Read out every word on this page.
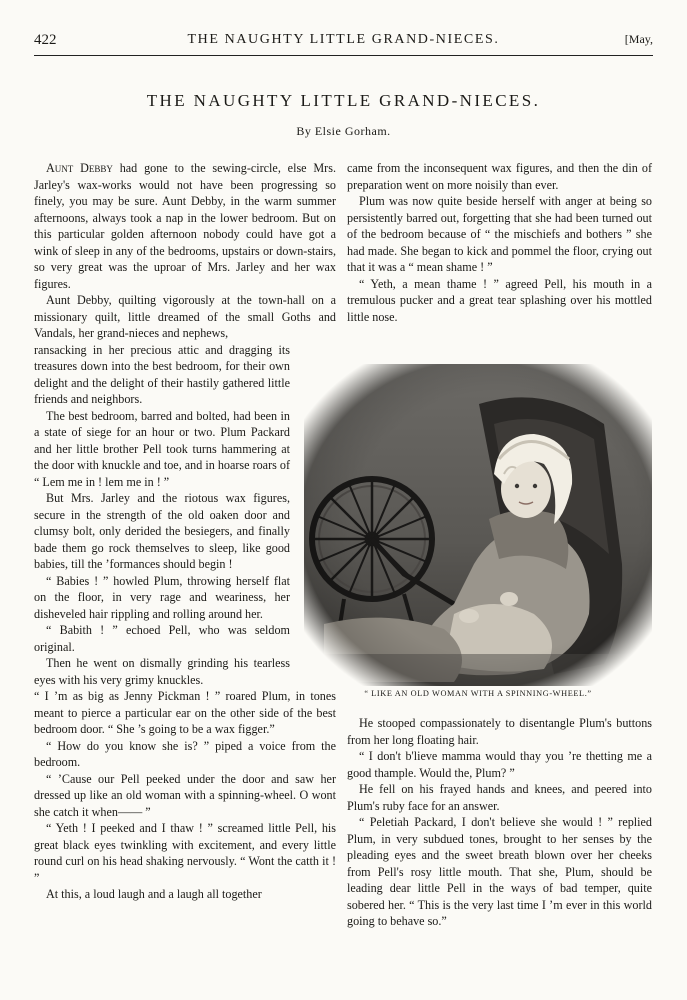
422	THE NAUGHTY LITTLE GRAND-NIECES.	[May,
THE NAUGHTY LITTLE GRAND-NIECES.
By Elsie Gorham.

Aunt Debby had gone to the sewing-circle, else Mrs. Jarley's wax-works would not have been progressing so finely, you may be sure. Aunt Debby, in the warm summer afternoons, always took a nap in the lower bedroom. But on this particular golden afternoon nobody could have got a wink of sleep in any of the bedrooms, upstairs or down-stairs, so very great was the uproar of Mrs. Jarley and her wax figures.

Aunt Debby, quilting vigorously at the town-hall on a missionary quilt, little dreamed of the small Goths and Vandals, her grand-nieces and nephews,

ransacking in her precious attic and dragging its treasures down into the best bedroom, for their own delight and the delight of their hastily gathered little friends and neighbors.

The best bedroom, barred and bolted, had been in a state of siege for an hour or two. Plum Packard and her little brother Pell took turns hammering at the door with knuckle and toe, and in hoarse roars of “ Lem me in ! lem me in ! ”

But Mrs. Jarley and the riotous wax figures, secure in the strength of the old oaken door and clumsy bolt, only derided the besiegers, and finally bade them go rock themselves to sleep, like good babies, till the ’formances should begin !

“ Babies ! ” howled Plum, throwing herself flat on the floor, in very rage and weariness, her disheveled hair rippling and rolling around her.

“ Babith ! ” echoed Pell, who was seldom original.

Then he went on dismally grinding his tearless eyes with his very grimy knuckles.

“ I ’m as big as Jenny Pickman ! ” roared Plum, in tones meant to pierce a particular ear on the other side of the best bedroom door. “ She ’s going to be a wax figger.”

“ How do you know she is? ” piped a voice from the bedroom.

“ ’Cause our Pell peeked under the door and saw her dressed up like an old woman with a spinning-wheel. O wont she catch it when—— ”

“ Yeth ! I peeked and I thaw ! ” screamed little Pell, his great black eyes twinkling with excitement, and every little round curl on his head shaking nervously. “ Wont the catth it ! ”

At this, a loud laugh and a laugh all together

came from the inconsequent wax figures, and then the din of preparation went on more noisily than ever.

Plum was now quite beside herself with anger at being so persistently barred out, forgetting that she had been turned out of the bedroom because of “ the mischiefs and bothers ” she had made. She began to kick and pommel the floor, crying out that it was a “ mean shame ! ”

“ Yeth, a mean thame ! ” agreed Pell, his mouth in a tremulous pucker and a great tear splashing over his mottled little nose.

“ LIKE AN OLD WOMAN WITH A SPINNING-WHEEL.”

He stooped compassionately to disentangle Plum's buttons from her long floating hair.

“ I don't b'lieve mamma would thay you ’re thetting me a good thample. Would the, Plum? ”

He fell on his frayed hands and knees, and peered into Plum's ruby face for an answer.

“ Peletiah Packard, I don't believe she would ! ” replied Plum, in very subdued tones, brought to her senses by the pleading eyes and the sweet breath blown over her cheeks from Pell's rosy little mouth. That she, Plum, should be leading dear little Pell in the ways of bad temper, quite sobered her. “ This is the very last time I ’m ever in this world going to behave so.”
